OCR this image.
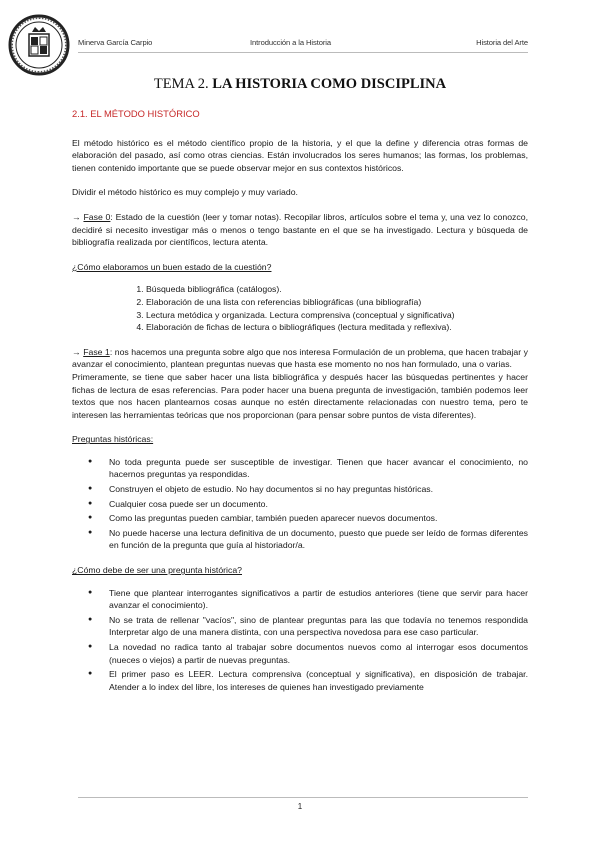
Minerva García Carpio	Introducción a la Historia	Historia del Arte
TEMA 2. LA HISTORIA COMO DISCIPLINA
2.1. EL MÉTODO HISTÓRICO

El método histórico es el método científico propio de la historia, y el que la define y diferencia otras formas de elaboración del pasado, así como otras ciencias. Están involucrados los seres humanos; las formas, los problemas, tienen contenido importante que se puede observar mejor en sus contextos históricos.

Dividir el método histórico es muy complejo y muy variado.

→ Fase 0: Estado de la cuestión (leer y tomar notas). Recopilar libros, artículos sobre el tema y, una vez lo conozco, decidiré si necesito investigar más o menos o tengo bastante en el que se ha investigado. Lectura y búsqueda de bibliografía realizada por científicos, lectura atenta.

¿Cómo elaboramos un buen estado de la cuestión?
1. Búsqueda bibliográfica (catálogos).
2. Elaboración de una lista con referencias bibliográficas (una bibliografía)
3. Lectura metódica y organizada. Lectura comprensiva (conceptual y significativa)
4. Elaboración de fichas de lectura o bibliográfiques (lectura meditada y reflexiva).

→ Fase 1: nos hacemos una pregunta sobre algo que nos interesa Formulación de un problema, que hacen trabajar y avanzar el conocimiento, plantean preguntas nuevas que hasta ese momento no nos han formulado, una o varias.

Primeramente, se tiene que saber hacer una lista bibliográfica y después hacer las búsquedas pertinentes y hacer fichas de lectura de esas referencias. Para poder hacer una buena pregunta de investigación, también podemos leer textos que nos hacen plantearnos cosas aunque no estén directamente relacionadas con nuestro tema, pero te interesen las herramientas teóricas que nos proporcionan (para pensar sobre puntos de vista diferentes).

Preguntas históricas:
● No toda pregunta puede ser susceptible de investigar. Tienen que hacer avancar el conocimiento, no hacernos preguntas ya respondidas.
● Construyen el objeto de estudio. No hay documentos si no hay preguntas históricas.
● Cualquier cosa puede ser un documento.
● Como las preguntas pueden cambiar, también pueden aparecer nuevos documentos.
● No puede hacerse una lectura definitiva de un documento, puesto que puede ser leído de formas diferentes en función de la pregunta que guía al historiador/a.
¿Cómo debe de ser una pregunta histórica?
● Tiene que plantear interrogantes significativos a partir de estudios anteriores (tiene que servir para hacer avanzar el conocimiento).
● No se trata de rellenar "vacíos", sino de plantear preguntas para las que todavía no tenemos respondida Interpretar algo de una manera distinta, con una perspectiva novedosa para ese caso particular.
● La novedad no radica tanto al trabajar sobre documentos nuevos como al interrogar esos documentos (nueces o viejos) a partir de nuevas preguntas.
● El primer paso es LEER. Lectura comprensiva (conceptual y significativa), en disposición de trabajar. Atender a lo index del libre, los intereses de quienes han investigado previamente
1
